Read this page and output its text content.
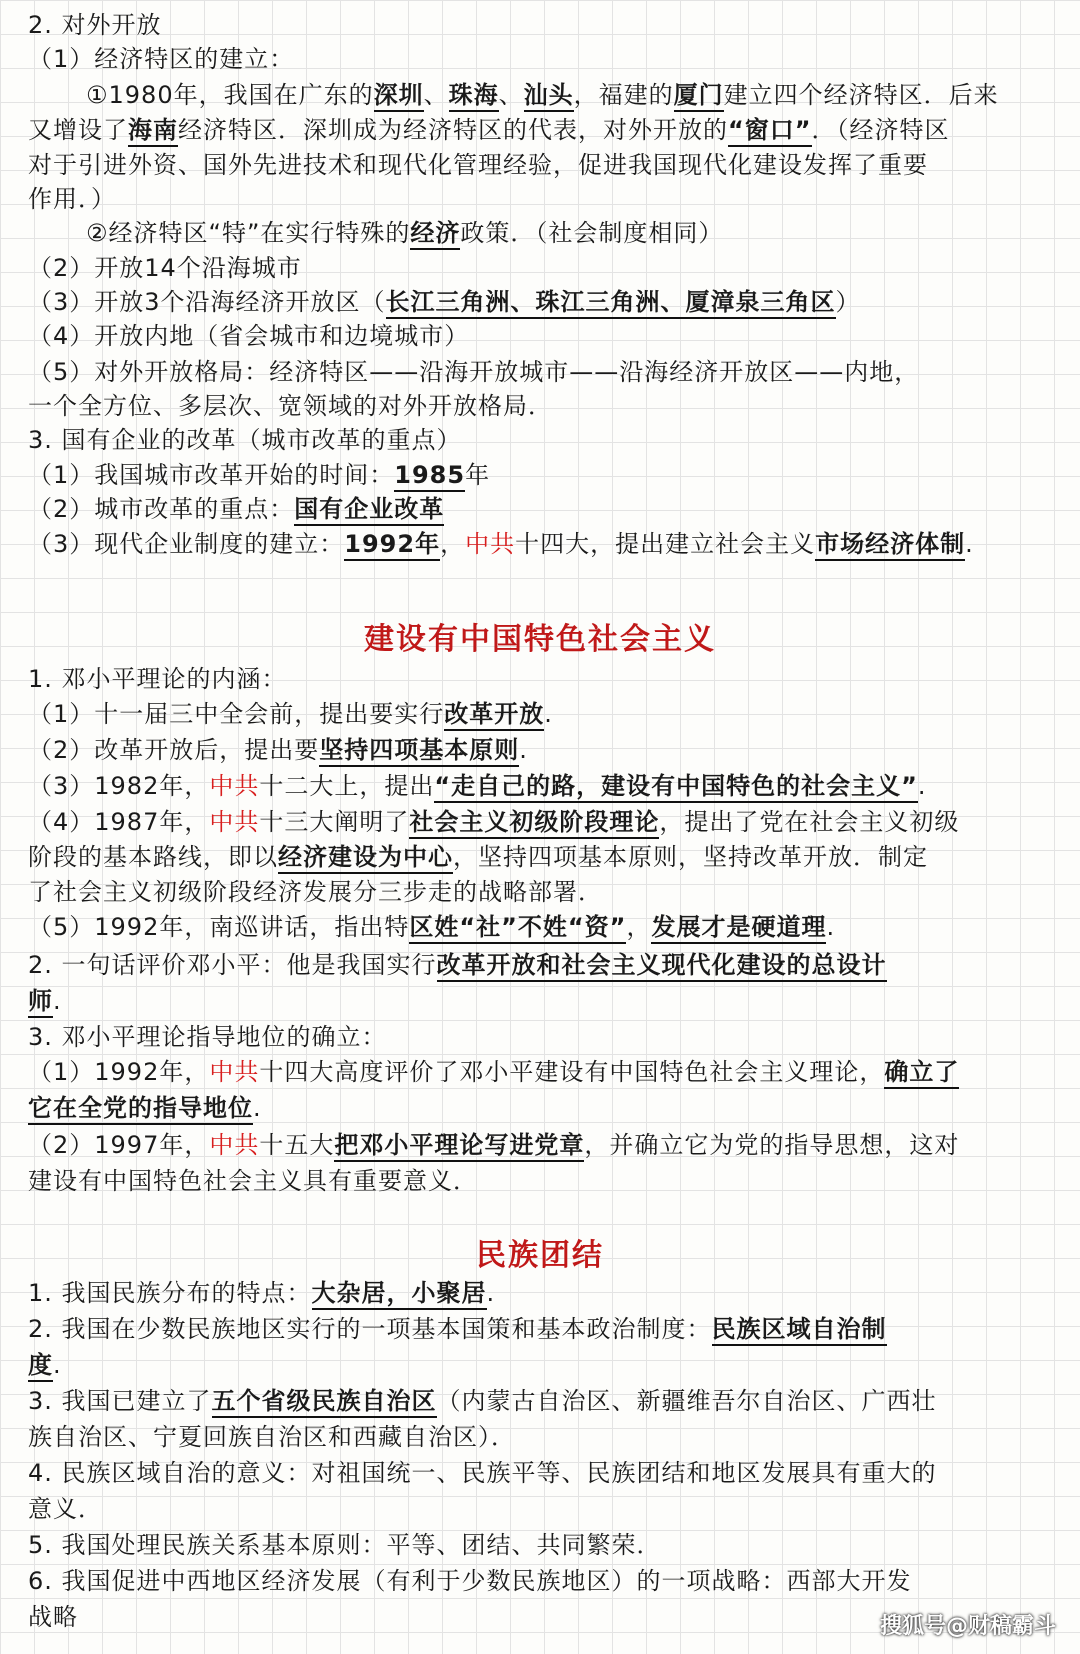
2. 对外开放
（1）经济特区的建立：
①1980年，我国在广东的深圳、珠海、汕头，福建的厦门建立四个经济特区．后来
又增设了海南经济特区．深圳成为经济特区的代表，对外开放的“窗口”．（经济特区
对于引进外资、国外先进技术和现代化管理经验，促进我国现代化建设发挥了重要
作用．）
②经济特区“特”在实行特殊的经济政策．（社会制度相同）
（2）开放14个沿海城市
（3）开放3个沿海经济开放区（长江三角洲、珠江三角洲、厦漳泉三角区）
（4）开放内地（省会城市和边境城市）
（5）对外开放格局：经济特区——沿海开放城市——沿海经济开放区——内地，
一个全方位、多层次、宽领域的对外开放格局．
3. 国有企业的改革（城市改革的重点）
（1）我国城市改革开始的时间：1985年
（2）城市改革的重点：国有企业改革
（3）现代企业制度的建立：1992年，中共十四大，提出建立社会主义市场经济体制.
建设有中国特色社会主义
1. 邓小平理论的内涵：
（1）十一届三中全会前，提出要实行改革开放.
（2）改革开放后，提出要坚持四项基本原则.
（3）1982年，中共十二大上，提出“走自己的路，建设有中国特色的社会主义”.
（4）1987年，中共十三大阐明了社会主义初级阶段理论，提出了党在社会主义初级
阶段的基本路线，即以经济建设为中心，坚持四项基本原则，坚持改革开放．制定
了社会主义初级阶段经济发展分三步走的战略部署．
（5）1992年，南巡讲话，指出特区姓“社”不姓“资”，发展才是硬道理.
2. 一句话评价邓小平：他是我国实行改革开放和社会主义现代化建设的总设计
师.
3. 邓小平理论指导地位的确立：
（1）1992年，中共十四大高度评价了邓小平建设有中国特色社会主义理论，确立了
它在全党的指导地位.
（2）1997年，中共十五大把邓小平理论写进党章，并确立它为党的指导思想，这对
建设有中国特色社会主义具有重要意义．
民族团结
1. 我国民族分布的特点：大杂居，小聚居.
2. 我国在少数民族地区实行的一项基本国策和基本政治制度：民族区域自治制
度.
3. 我国已建立了五个省级民族自治区（内蒙古自治区、新疆维吾尔自治区、广西壮
族自治区、宁夏回族自治区和西藏自治区）．
4. 民族区域自治的意义：对祖国统一、民族平等、民族团结和地区发展具有重大的
意义．
5. 我国处理民族关系基本原则：平等、团结、共同繁荣．
6. 我国促进中西地区经济发展（有利于少数民族地区）的一项战略：西部大开发
战略	搜狐号@财稿霸斗
